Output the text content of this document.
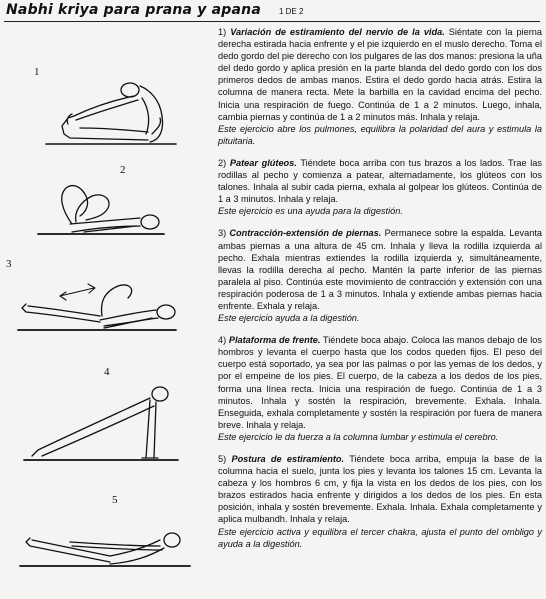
Nabhi kriya para prana y apana 1 DE 2
1
2
3
4
5

1) Variación de estiramiento del nervio de la vida. Siéntate con la pierna derecha estirada hacia enfrente y el pie izquierdo en el muslo derecho. Toma el dedo gordo del pie derecho con los pulgares de las dos manos: presiona la uña del dedo gordo y aplica presión en la parte blanda del dedo gordo con los dos primeros dedos de ambas manos. Estira el dedo gordo hacia atrás. Estira la columna de manera recta. Mete la barbilla en la cavidad encima del pecho. Inicia una respiración de fuego. Continúa de 1 a 2 minutos. Luego, inhala, cambia piernas y continúa de 1 a 2 minutos más. Inhala y relaja.

Este ejercicio abre los pulmones, equilibra la polaridad del aura y estimula la pituitaria.

2) Patear glúteos. Tiéndete boca arriba con tus brazos a los lados. Trae las rodillas al pecho y comienza a patear, alternadamente, los glúteos con los talones. Inhala al subir cada pierna, exhala al golpear los glúteos. Continúa de 1 a 3 minutos. Inhala y relaja.

Este ejercicio es una ayuda para la digestión.

3) Contracción-extensión de piernas. Permanece sobre la espalda. Levanta ambas piernas a una altura de 45 cm. Inhala y lleva la rodilla izquierda al pecho. Exhala mientras extiendes la rodilla izquierda y, simultáneamente, llevas la rodilla derecha al pecho. Mantén la parte inferior de las piernas paralela al piso. Continúa este movimiento de contracción y extensión con una respiración poderosa de 1 a 3 minutos. Inhala y extiende ambas piernas hacia enfrente. Exhala y relaja.

Este ejercicio ayuda a la digestión.

4) Plataforma de frente. Tiéndete boca abajo. Coloca las manos debajo de los hombros y levanta el cuerpo hasta que los codos queden fijos. El peso del cuerpo está soportado, ya sea por las palmas o por las yemas de los dedos, y por el empeine de los pies. El cuerpo, de la cabeza a los dedos de los pies, forma una línea recta. Inicia una respiración de fuego. Continúa de 1 a 3 minutos. Inhala y sostén la respiración, brevemente. Exhala. Inhala. Enseguida, exhala completamente y sostén la respiración por fuera de manera breve. Inhala y relaja.

Este ejercicio le da fuerza a la columna lumbar y estimula el cerebro.

5) Postura de estiramiento. Tiéndete boca arriba, empuja la base de la columna hacia el suelo, junta los pies y levanta los talones 15 cm. Levanta la cabeza y los hombros 6 cm, y fija la vista en los dedos de los pies, con los brazos estirados hacia enfrente y dirigidos a los dedos de los pies. En esta posición, inhala y sostén brevemente. Exhala. Inhala. Exhala completamente y aplica mulbandh. Inhala y relaja.

Este ejercicio activa y equilibra el tercer chakra, ajusta el punto del ombligo y ayuda a la digestión.
